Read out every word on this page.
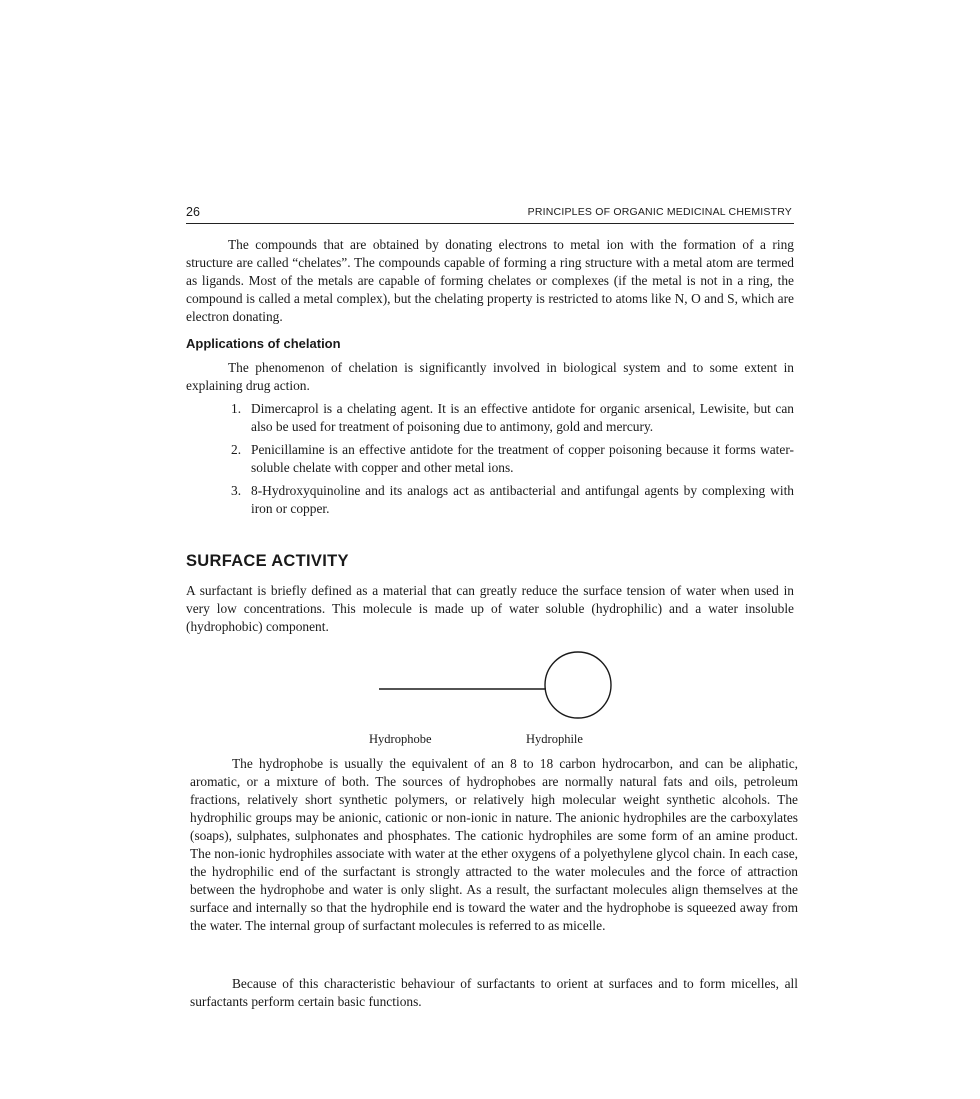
26	PRINCIPLES OF ORGANIC MEDICINAL CHEMISTRY

The compounds that are obtained by donating electrons to metal ion with the formation of a ring structure are called “chelates”. The compounds capable of forming a ring structure with a metal atom are termed as ligands. Most of the metals are capable of forming chelates or complexes (if the metal is not in a ring, the compound is called a metal complex), but the chelating property is restricted to atoms like N, O and S, which are electron donating.

Applications of chelation

The phenomenon of chelation is significantly involved in biological system and to some extent in explaining drug action.

1. Dimercaprol is a chelating agent. It is an effective antidote for organic arsenical, Lewisite, but can also be used for treatment of poisoning due to antimony, gold and mercury.
2. Penicillamine is an effective antidote for the treatment of copper poisoning because it forms water-soluble chelate with copper and other metal ions.
3. 8-Hydroxyquinoline and its analogs act as antibacterial and antifungal agents by complexing with iron or copper.
SURFACE ACTIVITY

A surfactant is briefly defined as a material that can greatly reduce the surface tension of water when used in very low concentrations. This molecule is made up of water soluble (hydrophilic) and a water insoluble (hydrophobic) component.

Hydrophobe	Hydrophile

The hydrophobe is usually the equivalent of an 8 to 18 carbon hydrocarbon, and can be aliphatic, aromatic, or a mixture of both. The sources of hydrophobes are normally natural fats and oils, petroleum fractions, relatively short synthetic polymers, or relatively high molecular weight synthetic alcohols. The hydrophilic groups may be anionic, cationic or non-ionic in nature. The anionic hydrophiles are the carboxylates (soaps), sulphates, sulphonates and phosphates. The cationic hydrophiles are some form of an amine product. The non-ionic hydrophiles associate with water at the ether oxygens of a polyethylene glycol chain. In each case, the hydrophilic end of the surfactant is strongly attracted to the water molecules and the force of attraction between the hydrophobe and water is only slight. As a result, the surfactant molecules align themselves at the surface and internally so that the hydrophile end is toward the water and the hydrophobe is squeezed away from the water. The internal group of surfactant molecules is referred to as micelle.

Because of this characteristic behaviour of surfactants to orient at surfaces and to form micelles, all surfactants perform certain basic functions.
